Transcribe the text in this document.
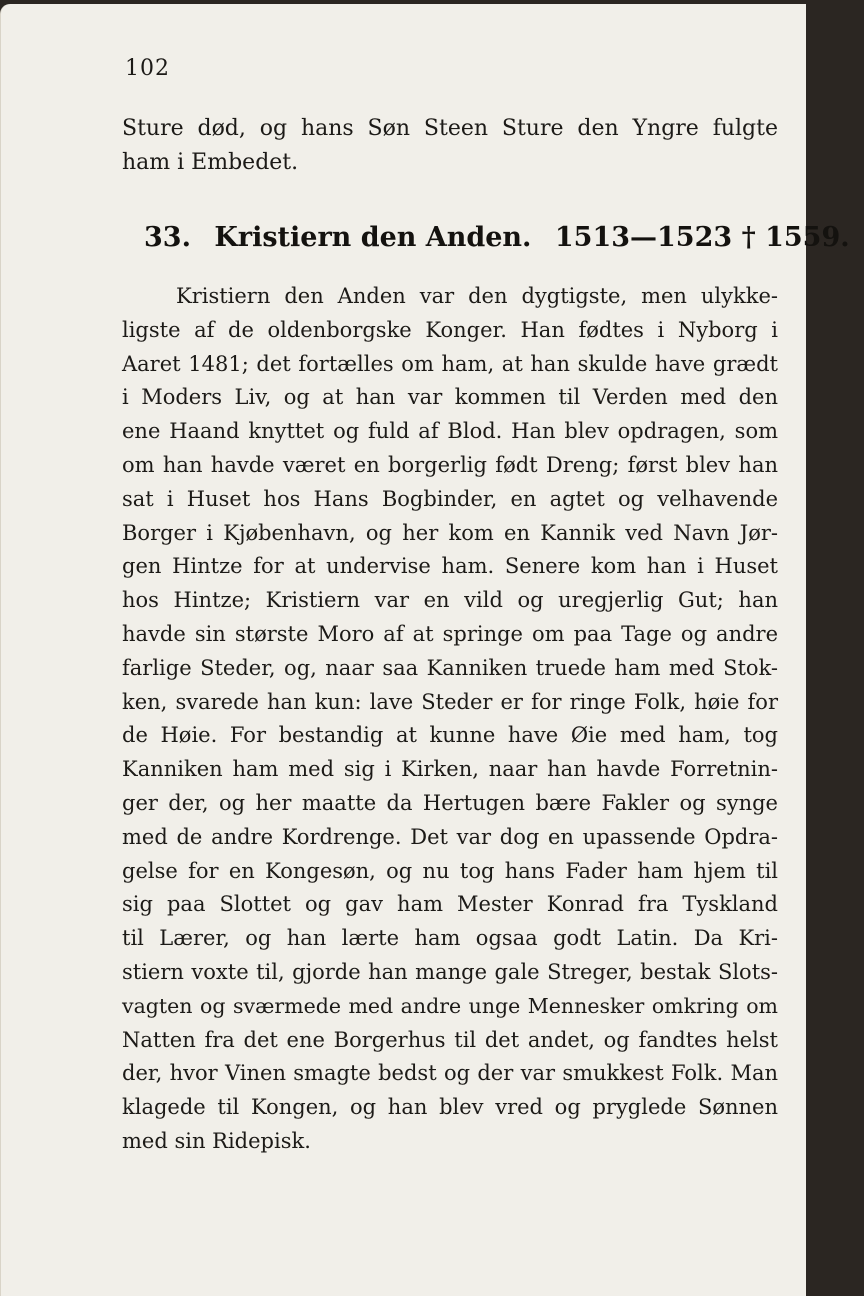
102
Sture død, og hans Søn Steen Sture den Yngre fulgte
ham i Embedet.
33. Kristiern den Anden. 1513—1523 † 1559.
Kristiern den Anden var den dygtigste, men ulykke-
ligste af de oldenborgske Konger. Han fødtes i Nyborg i
Aaret 1481; det fortælles om ham, at han skulde have grædt
i Moders Liv, og at han var kommen til Verden med den
ene Haand knyttet og fuld af Blod. Han blev opdragen, som
om han havde været en borgerlig født Dreng; først blev han
sat i Huset hos Hans Bogbinder, en agtet og velhavende
Borger i Kjøbenhavn, og her kom en Kannik ved Navn Jør-
gen Hintze for at undervise ham. Senere kom han i Huset
hos Hintze; Kristiern var en vild og uregjerlig Gut; han
havde sin største Moro af at springe om paa Tage og andre
farlige Steder, og, naar saa Kanniken truede ham med Stok-
ken, svarede han kun: lave Steder er for ringe Folk, høie for
de Høie. For bestandig at kunne have Øie med ham, tog
Kanniken ham med sig i Kirken, naar han havde Forretnin-
ger der, og her maatte da Hertugen bære Fakler og synge
med de andre Kordrenge. Det var dog en upassende Opdra-
gelse for en Kongesøn, og nu tog hans Fader ham hjem til
sig paa Slottet og gav ham Mester Konrad fra Tyskland
til Lærer, og han lærte ham ogsaa godt Latin. Da Kri-
stiern voxte til, gjorde han mange gale Streger, bestak Slots-
vagten og sværmede med andre unge Mennesker omkring om
Natten fra det ene Borgerhus til det andet, og fandtes helst
der, hvor Vinen smagte bedst og der var smukkest Folk. Man
klagede til Kongen, og han blev vred og pryglede Sønnen
med sin Ridepisk.
